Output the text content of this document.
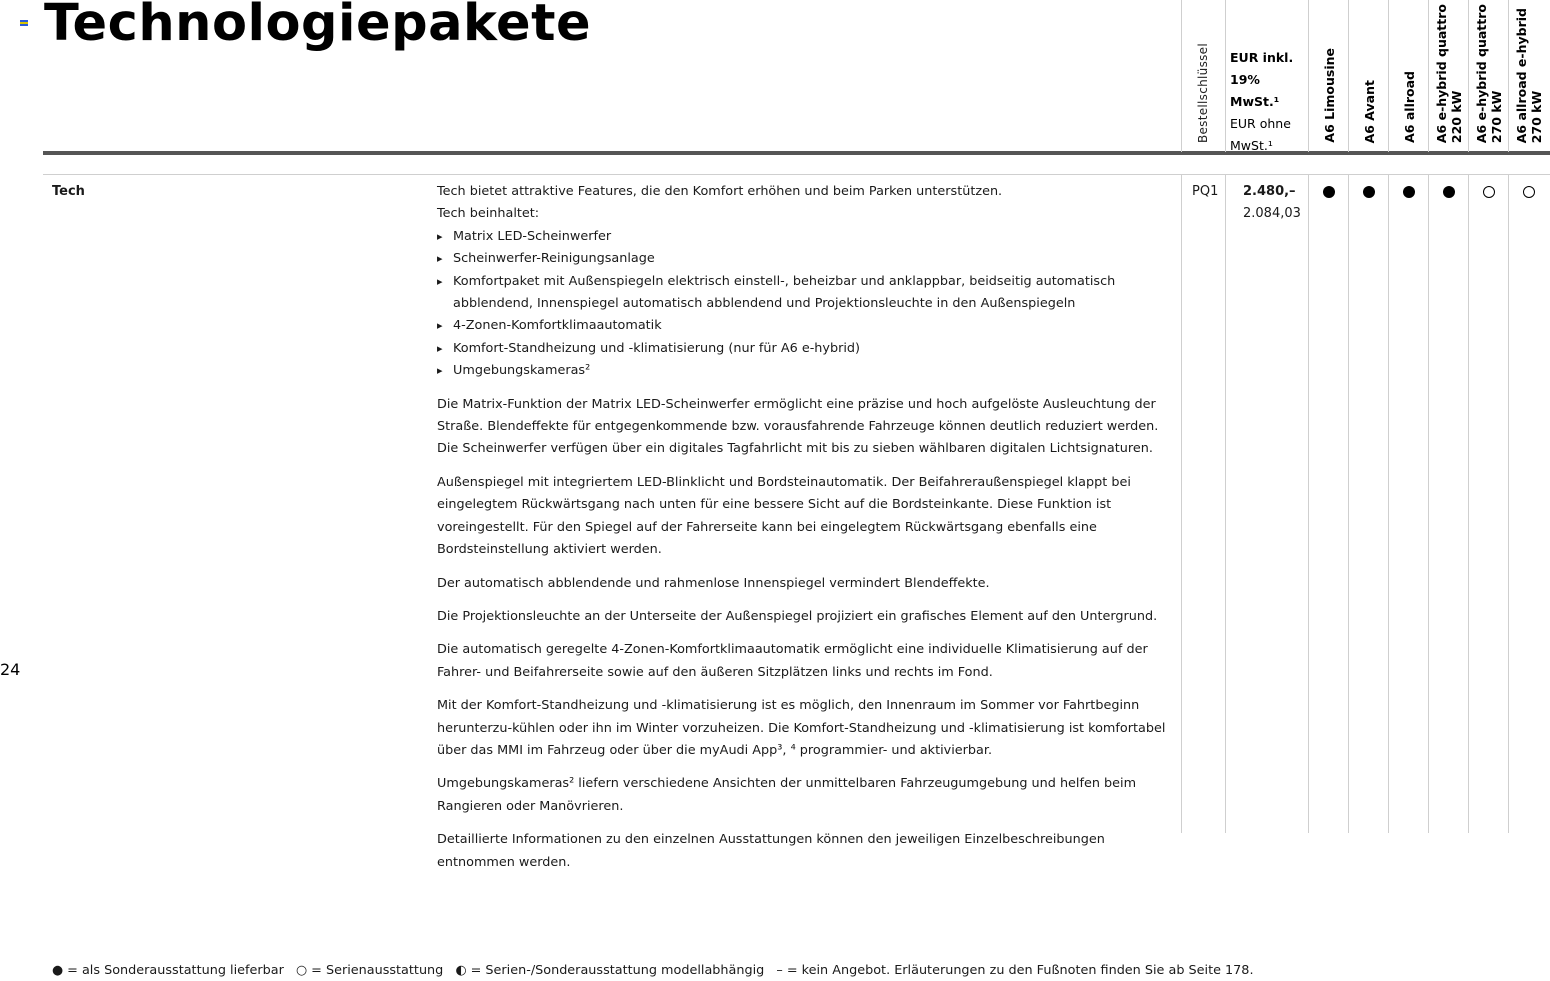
Technologiepakete
24
Bestellschlüssel EUR inkl. 19% MwSt.¹
EUR ohne MwSt.¹
A6 Limousine A6 Avant A6 allroad A6 e-hybrid quattro
220 kW
A6 e-hybrid quattro
270 kW
A6 allroad e-hybrid
270 kW
Tech	Tech bietet attraktive Features, die den Komfort erhöhen und beim Parken unterstützen.

Tech beinhaltet:

▸ Matrix LED-Scheinwerfer
▸ Scheinwerfer-Reinigungsanlage
▸ Komfortpaket mit Außenspiegeln elektrisch einstell-, beheizbar und anklappbar, beidseitig automatisch abblendend, Innenspiegel automatisch abblendend und Projektionsleuchte in den Außenspiegeln
▸ 4-Zonen-Komfortklimaautomatik
▸ Komfort-Standheizung und -klimatisierung (nur für A6 e-hybrid)
▸ Umgebungskameras²

Die Matrix-Funktion der Matrix LED-Scheinwerfer ermöglicht eine präzise und hoch aufgelöste Ausleuchtung der Straße. Blendeffekte für entgegenkommende bzw. vorausfahrende Fahrzeuge können deutlich reduziert werden. Die Scheinwerfer verfügen über ein digitales Tagfahrlicht mit bis zu sieben wählbaren digitalen Lichtsignaturen.

Außenspiegel mit integriertem LED-Blinklicht und Bordsteinautomatik. Der Beifahreraußenspiegel klappt bei eingelegtem Rückwärtsgang nach unten für eine bessere Sicht auf die Bordsteinkante. Diese Funktion ist voreingestellt. Für den Spiegel auf der Fahrerseite kann bei eingelegtem Rückwärtsgang ebenfalls eine Bordsteinstellung aktiviert werden.

Der automatisch abblendende und rahmenlose Innenspiegel vermindert Blendeffekte.

Die Projektionsleuchte an der Unterseite der Außenspiegel projiziert ein grafisches Element auf den Untergrund.

Die automatisch geregelte 4-Zonen-Komfortklimaautomatik ermöglicht eine individuelle Klimatisierung auf der Fahrer- und Beifahrerseite sowie auf den äußeren Sitzplätzen links und rechts im Fond.

Mit der Komfort-Standheizung und -klimatisierung ist es möglich, den Innenraum im Sommer vor Fahrtbeginn herunterzu-kühlen oder ihn im Winter vorzuheizen. Die Komfort-Standheizung und -klimatisierung ist komfortabel über das MMI im Fahrzeug oder über die myAudi App³, ⁴ programmier- und aktivierbar.

Umgebungskameras² liefern verschiedene Ansichten der unmittelbaren Fahrzeugumgebung und helfen beim Rangieren oder Manövrieren.

Detaillierte Informationen zu den einzelnen Ausstattungen können den jeweiligen Einzelbeschreibungen entnommen werden.

PQ1 2.480,–
2.084,03
● = als Sonderausstattung lieferbar ○ = Serienausstattung ◐ = Serien-/Sonderausstattung modellabhängig – = kein Angebot. Erläuterungen zu den Fußnoten finden Sie ab Seite 178.
